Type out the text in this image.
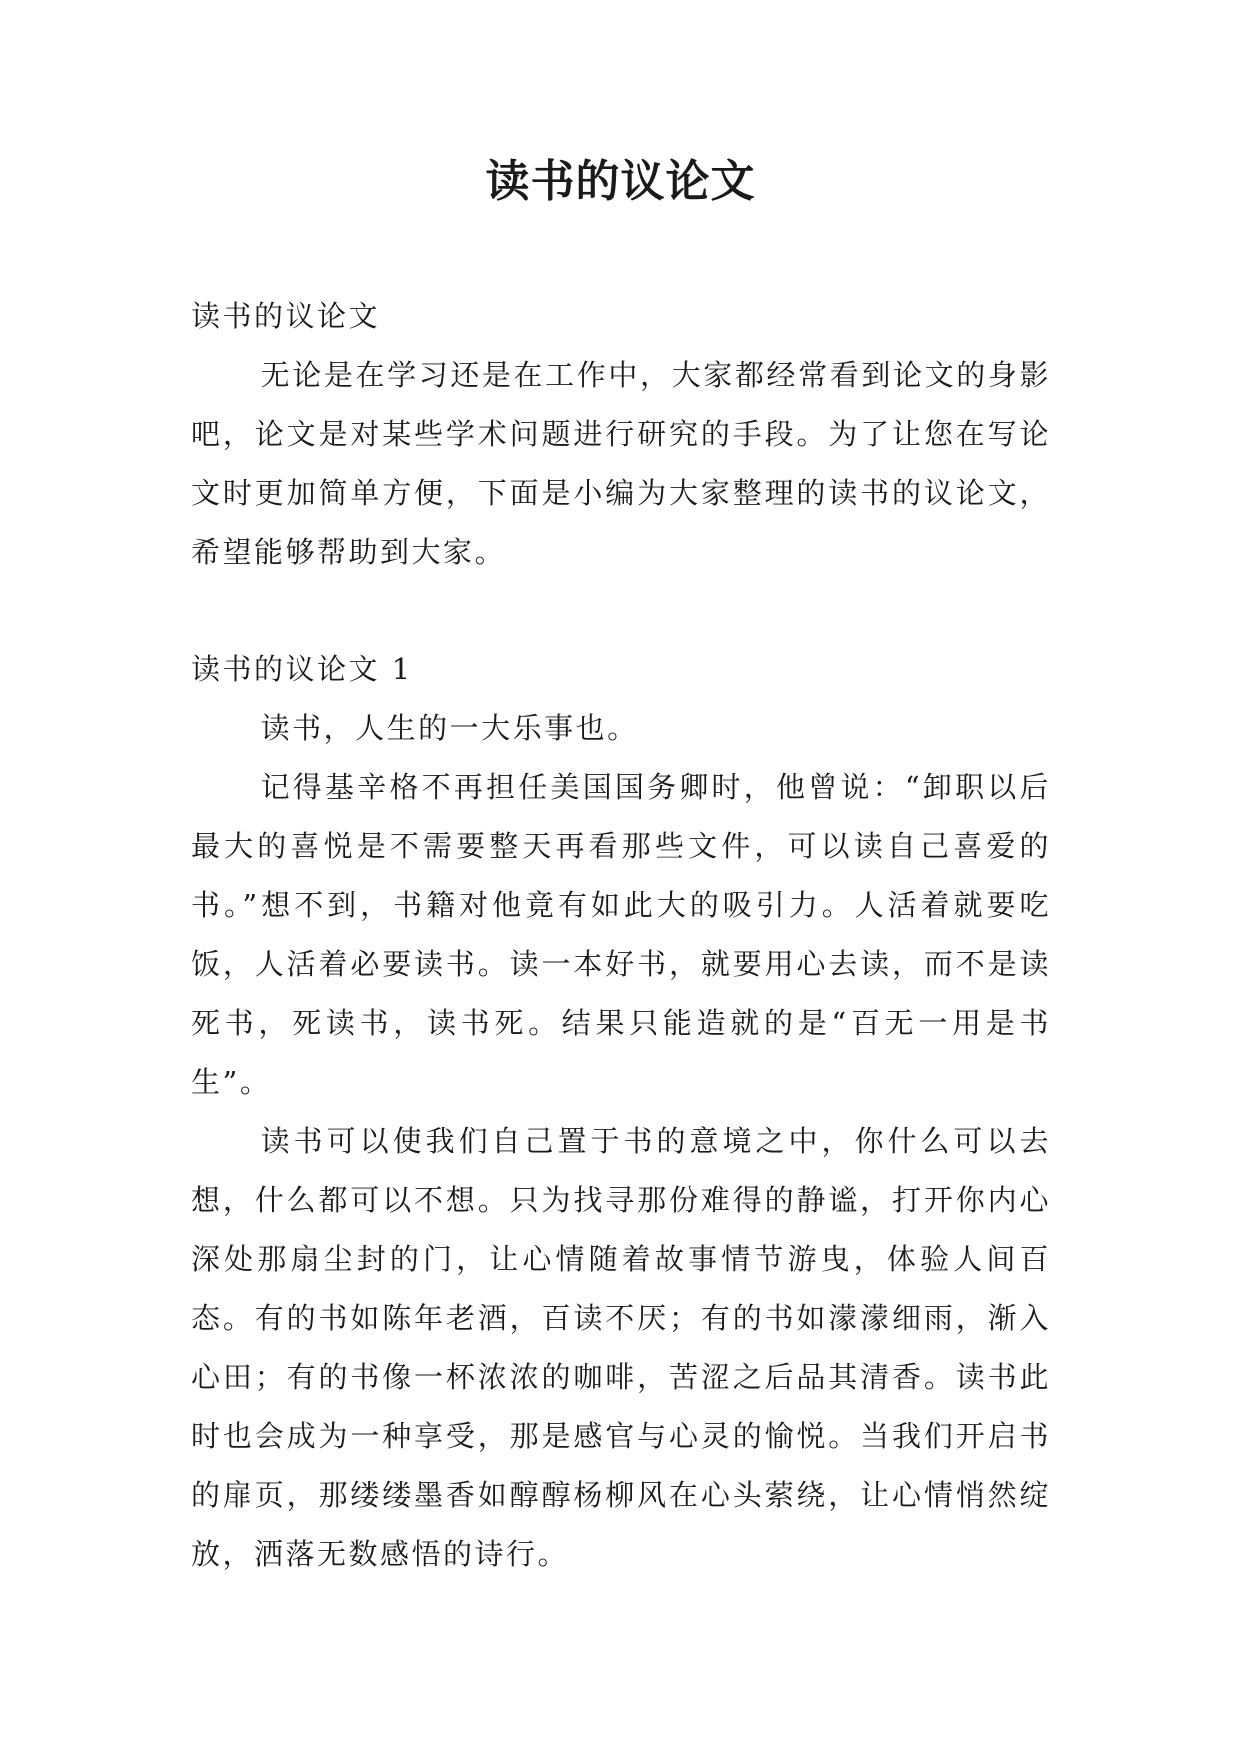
读书的议论文

读书的议论文

无论是在学习还是在工作中，大家都经常看到论文的身影吧，论文是对某些学术问题进行研究的手段。为了让您在写论文时更加简单方便，下面是小编为大家整理的读书的议论文，希望能够帮助到大家。

读书的议论文 1

读书，人生的一大乐事也。

记得基辛格不再担任美国国务卿时，他曾说：“卸职以后最大的喜悦是不需要整天再看那些文件，可以读自己喜爱的书。”想不到，书籍对他竟有如此大的吸引力。人活着就要吃饭，人活着必要读书。读一本好书，就要用心去读，而不是读死书，死读书，读书死。结果只能造就的是“百无一用是书生”。

读书可以使我们自己置于书的意境之中，你什么可以去想，什么都可以不想。只为找寻那份难得的静谧，打开你内心深处那扇尘封的门，让心情随着故事情节游曳，体验人间百态。有的书如陈年老酒，百读不厌；有的书如濛濛细雨，渐入心田；有的书像一杯浓浓的咖啡，苦涩之后品其清香。读书此时也会成为一种享受，那是感官与心灵的愉悦。当我们开启书的扉页，那缕缕墨香如醇醇杨柳风在心头萦绕，让心情悄然绽放，洒落无数感悟的诗行。
